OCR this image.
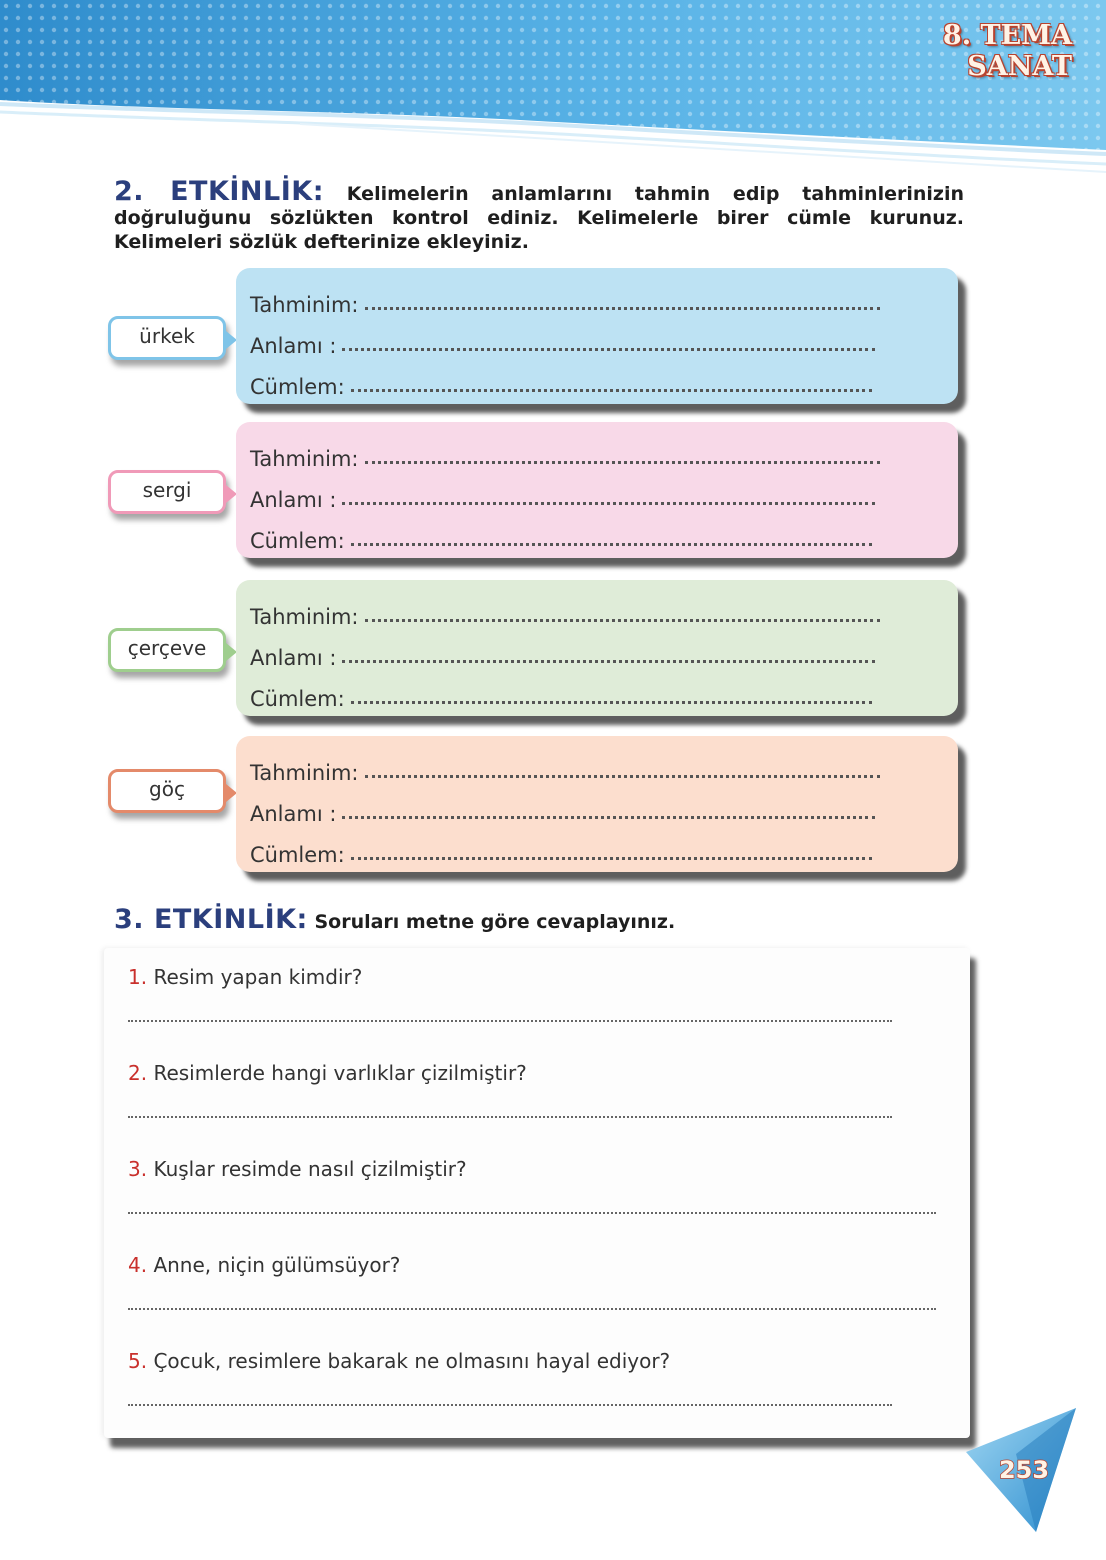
8. TEMA
SANAT
2. ETKİNLİK: Kelimelerin anlamlarını tahmin edip tahminlerinizin doğruluğunu sözlükten kontrol ediniz. Kelimelerle birer cümle kurunuz. Kelimeleri sözlük defterinize ekleyiniz.
ürkek
Tahminim:
Anlamı :
Cümlem:
sergi
Tahminim:
Anlamı :
Cümlem:
çerçeve
Tahminim:
Anlamı :
Cümlem:
göç
Tahminim:
Anlamı :
Cümlem:
3. ETKİNLİK: Soruları metne göre cevaplayınız.
1. Resim yapan kimdir?
2. Resimlerde hangi varlıklar çizilmiştir?
3. Kuşlar resimde nasıl çizilmiştir?
4. Anne, niçin gülümsüyor?
5. Çocuk, resimlere bakarak ne olmasını hayal ediyor?
253
